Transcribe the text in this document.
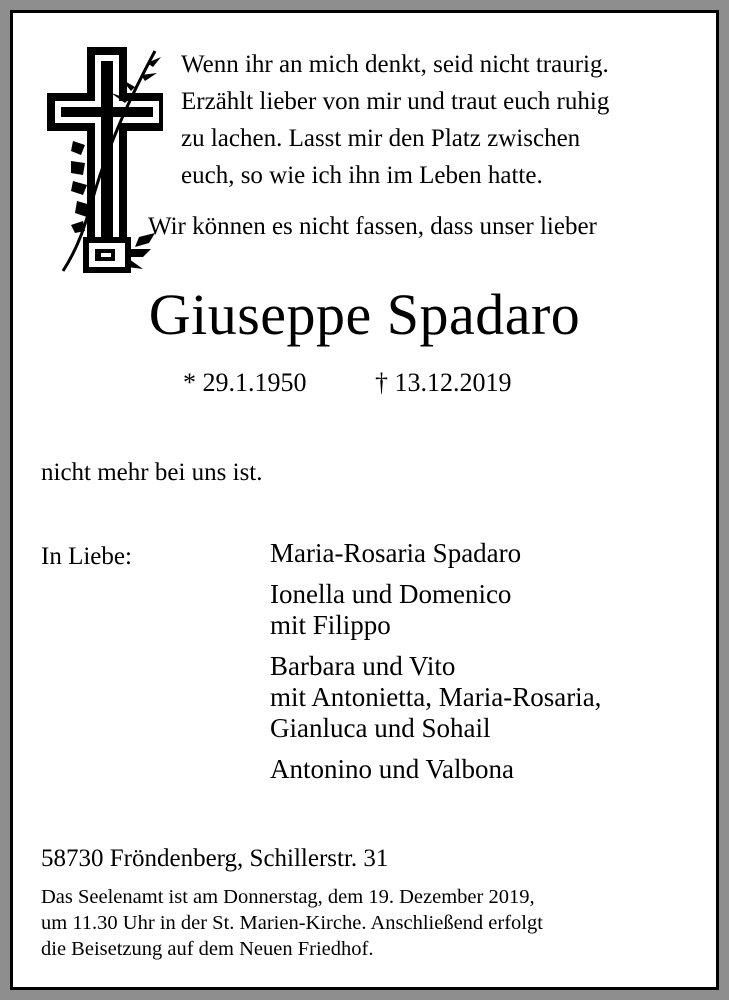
Wenn ihr an mich denkt, seid nicht traurig.
Erzählt lieber von mir und traut euch ruhig
zu lachen. Lasst mir den Platz zwischen
euch, so wie ich ihn im Leben hatte.
Wir können es nicht fassen, dass unser lieber
Giuseppe Spadaro
* 29.1.1950	† 13.12.2019
nicht mehr bei uns ist.
In Liebe:	Maria-Rosaria Spadaro
Ionella und Domenico
mit Filippo
Barbara und Vito
mit Antonietta, Maria-Rosaria,
Gianluca und Sohail
Antonino und Valbona
58730 Fröndenberg, Schillerstr. 31
Das Seelenamt ist am Donnerstag, dem 19. Dezember 2019,
um 11.30 Uhr in der St. Marien-Kirche. Anschließend erfolgt
die Beisetzung auf dem Neuen Friedhof.
